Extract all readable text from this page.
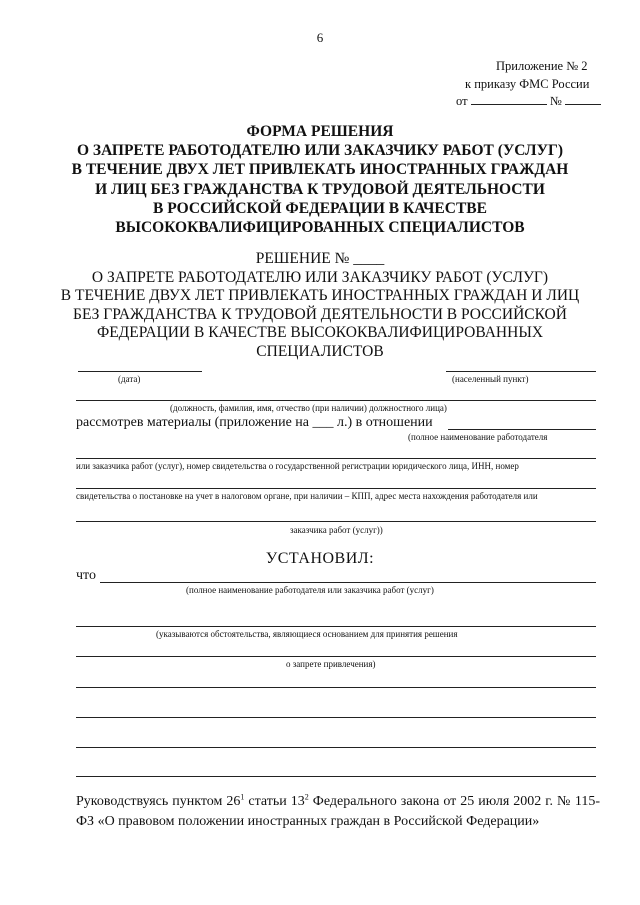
6
Приложение № 2
к приказу ФМС России
от	№
ФОРМА РЕШЕНИЯ
О ЗАПРЕТЕ РАБОТОДАТЕЛЮ ИЛИ ЗАКАЗЧИКУ РАБОТ (УСЛУГ)
В ТЕЧЕНИЕ ДВУХ ЛЕТ ПРИВЛЕКАТЬ ИНОСТРАННЫХ ГРАЖДАН
И ЛИЦ БЕЗ ГРАЖДАНСТВА К ТРУДОВОЙ ДЕЯТЕЛЬНОСТИ
В РОССИЙСКОЙ ФЕДЕРАЦИИ В КАЧЕСТВЕ
ВЫСОКОКВАЛИФИЦИРОВАННЫХ СПЕЦИАЛИСТОВ
РЕШЕНИЕ № ____
О ЗАПРЕТЕ РАБОТОДАТЕЛЮ ИЛИ ЗАКАЗЧИКУ РАБОТ (УСЛУГ)
В ТЕЧЕНИЕ ДВУХ ЛЕТ ПРИВЛЕКАТЬ ИНОСТРАННЫХ ГРАЖДАН И ЛИЦ
БЕЗ ГРАЖДАНСТВА К ТРУДОВОЙ ДЕЯТЕЛЬНОСТИ В РОССИЙСКОЙ
ФЕДЕРАЦИИ В КАЧЕСТВЕ ВЫСОКОКВАЛИФИЦИРОВАННЫХ
СПЕЦИАЛИСТОВ
(дата)	(населенный пункт)
(должность, фамилия, имя, отчество (при наличии) должностного лица)
рассмотрев материалы (приложение на ___ л.) в отношении
(полное наименование работодателя
или заказчика работ (услуг), номер свидетельства о государственной регистрации юридического лица, ИНН, номер
свидетельства о постановке на учет в налоговом органе, при наличии – КПП, адрес места нахождения работодателя или
заказчика работ (услуг))
УСТАНОВИЛ:
что
(полное наименование работодателя или заказчика работ (услуг)
(указываются обстоятельства, являющиеся основанием для принятия решения
о запрете привлечения)
Руководствуясь пунктом $26^1$ статьи $13^2$ Федерального закона от 25 июля 2002 г. № 115-ФЗ «О правовом положении иностранных граждан в Российской Федерации»
